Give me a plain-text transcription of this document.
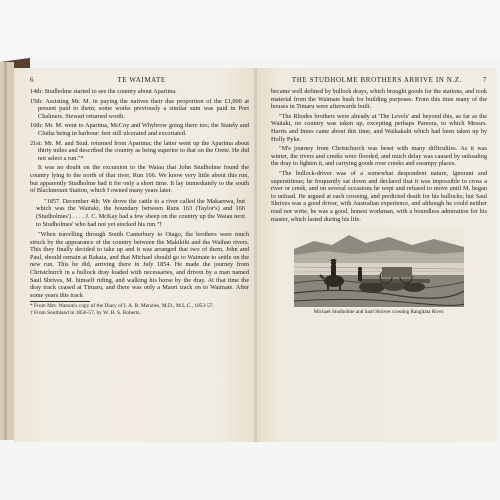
6	TE WAIMATE

14th: Studholme started to see the country about Aparima.

15th: Assisting Mr. M. in paying the natives their due proportion of the £1,000 at present paid to them; some works previously a similar sum was paid in Port Chalmers. Stewart returned worth.

16th: Mr. M. went to Aparima, McCoy and Whybrow going there too; the Stately and Clutha being in harbour: feet still ulcerated and excoriated.

21st: Mr. M. and Stud. returned from Aparima; the latter went up the Aparima about thirty miles and described the country as being superior to that on the Orete. He did not select a run."*

It was no doubt on the excursion to the Waiau that John Studholme found the country lying to the north of that river, Run 166. We know very little about this run, but apparently Studholme had it for only a short time. It lay immediately to the south of Blackmount Station, which I owned many years later.

"1857. December 4th: We drove the cattle to a river called the Makarewa, but which was the Wairaki, the boundary between Runs 163 (Taylor's) and 166 (Studholmes') . . . . J. C. McKay had a few sheep on the country up the Waiau next to Studholmes' who had not yet stocked his run."†

"When travelling through South Canterbury to Otago, the brothers were much struck by the appearance of the country between the Makikihi and the Waihao rivers. This they finally decided to take up and it was arranged that two of them, John and Paul, should remain at Rakaia, and that Michael should go to Waimate to settle on the new run. This he did, arriving there in July 1854. He made the journey from Christchurch in a bullock dray loaded with necessaries, and driven by a man named Saul Shrives, M. himself riding, and walking his horse by the dray. At that time the dray track ceased at Timaru, and there was only a Maori track on to Waimate. After some years this track

* From Mrs. Watson's copy of the Diary of I. A. R. Menzies, M.D., M.L.C., 1853-57.

† From Southland in 1856-57, by W. H. S. Roberts.

THE STUDHOLME BROTHERS ARRIVE IN N.Z.	7

became well defined by bullock drays, which brought goods for the stations, and took material from the Waimate bush for building purposes. From this time many of the houses in Timaru were afterwards built.

"The Rhodes brothers were already at 'The Levels' and beyond this, as far as the Waitaki, no country was taken up, excepting perhaps Pareora, to which Messrs. Harris and Innes came about this time, and Waikakahi which had been taken up by Holly Pyke.

"M's journey from Christchurch was beset with many difficulties. As it was winter, the rivers and creeks were flooded, and much delay was caused by unloading the dray to lighten it, and carrying goods over creeks and swampy places.

"The bullock-driver was of a somewhat despondent nature, ignorant and superstitious; he frequently sat down and declared that it was impossible to cross a river or creek, and on several occasions he wept and refused to move until M. began to unload. He argued at each crossing, and predicted death for his bullocks; but Saul Shrives was a good driver, with Australian experience, and although he could neither read nor write, he was a good, honest workman, with a boundless admiration for his master, which lasted during his life.

Michael Studholme and Saul Shrives crossing Rangitata River.
